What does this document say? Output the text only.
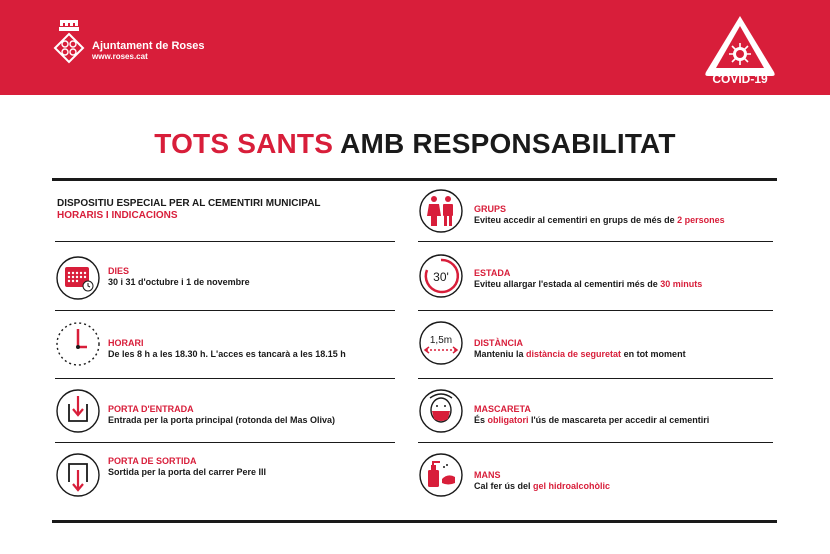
Ajuntament de Roses
www.roses.cat
COVID-19
TOTS SANTS AMB RESPONSABILITAT
DISPOSITIU ESPECIAL PER AL CEMENTIRI MUNICIPAL
HORARIS I INDICACIONS
DIES
30 i 31 d'octubre i 1 de novembre
HORARI
De les 8 h a les 18.30 h. L'acces es tancarà a les 18.15 h
PORTA D'ENTRADA
Entrada per la porta principal (rotonda del Mas Oliva)
PORTA DE SORTIDA
Sortida per la porta del carrer Pere III
GRUPS
Eviteu accedir al cementiri en grups de més de 2 persones
30'	ESTADA
Eviteu allargar l'estada al cementiri més de 30 minuts
1,5m DISTÀNCIA
Manteniu la distància de seguretat en tot moment
MASCARETA
És obligatori l'ús de mascareta per accedir al cementiri
MANS
Cal fer ús del gel hidroalcohòlic
